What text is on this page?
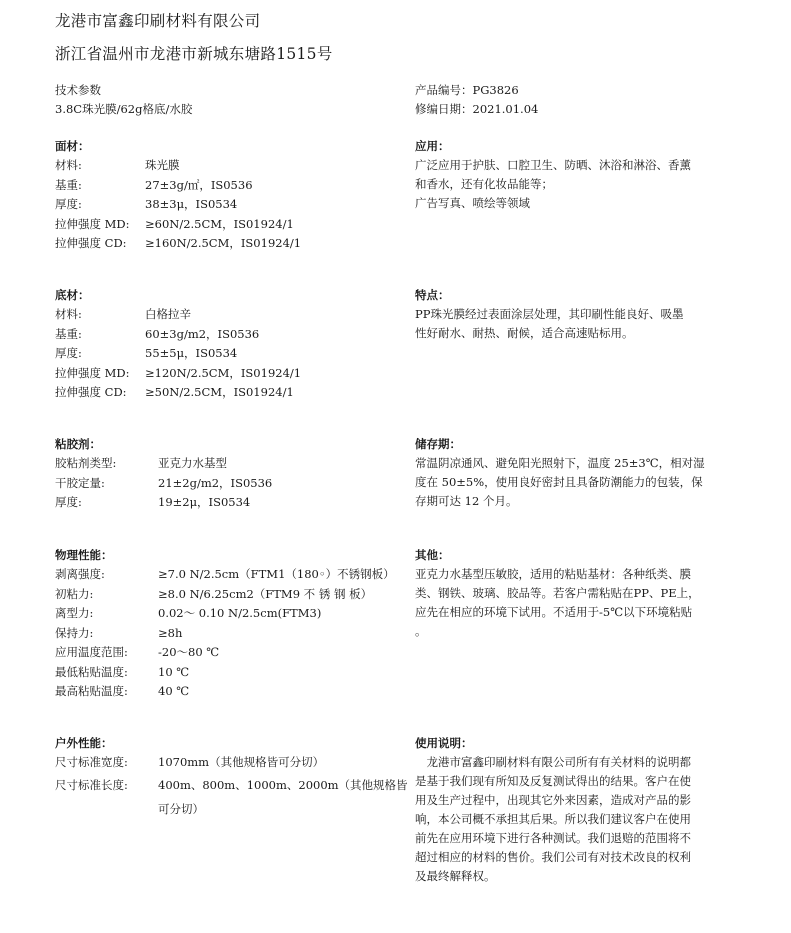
龙港市富鑫印刷材料有限公司
浙江省温州市龙港市新城东塘路1515号
技术参数
3.8C珠光膜/62g格底/水胶
产品编号：PG3826
修编日期：2021.01.04
面材：
材料:	珠光膜
基重:	27±3g/㎡，IS0536
厚度:	38±3μ，IS0534
拉伸强度 MD:	≥60N/2.5CM，IS01924/1
拉伸强度 CD:	≥160N/2.5CM，IS01924/1
应用：
广泛应用于护肤、口腔卫生、防晒、沐浴和淋浴、香薰
和香水，还有化妆品能等；
广告写真、喷绘等领域
底材：
材料:	白格拉辛
基重:	60±3g/m2，IS0536
厚度:	55±5μ，IS0534
拉伸强度 MD:	≥120N/2.5CM，IS01924/1
拉伸强度 CD:	≥50N/2.5CM，IS01924/1
特点：
PP珠光膜经过表面涂层处理，其印刷性能良好、吸墨
性好耐水、耐热、耐候，适合高速贴标用。
粘胶剂：
胶粘剂类型:	亚克力水基型
干胶定量:	21±2g/m2，IS0536
厚度:	19±2μ，IS0534
储存期：
常温阴凉通风、避免阳光照射下，温度 25±3℃，相对湿
度在 50±5%，使用良好密封且具备防潮能力的包装，保
存期可达 12 个月。
物理性能：
剥离强度:	≥7.0 N/2.5cm（FTM1（180◦）不锈钢板）
初粘力:	≥8.0 N/6.25cm2（FTM9 不 锈 钢 板）
离型力:	0.02～ 0.10 N/2.5cm(FTM3)
保持力:	≥8h
应用温度范围:	-20～80 ℃
最低粘贴温度:	10 ℃
最高粘贴温度:	40 ℃
其他：
亚克力水基型压敏胶，适用的粘贴基材：各种纸类、膜
类、钢铁、玻璃、胶品等。若客户需粘贴在PP、PE上，
应先在相应的环境下试用。不适用于-5℃以下环境粘贴
。
户外性能：
尺寸标准宽度:	1070mm（其他规格皆可分切）
尺寸标准长度:	400m、800m、1000m、2000m（其他规格皆
可分切）
使用说明：
龙港市富鑫印刷材料有限公司所有有关材料的说明都
是基于我们现有所知及反复测试得出的结果。客户在使
用及生产过程中，出现其它外来因素，造成对产品的影
响，本公司概不承担其后果。所以我们建议客户在使用
前先在应用环境下进行各种测试。我们退赔的范围将不
超过相应的材料的售价。我们公司有对技术改良的权利
及最终解释权。
